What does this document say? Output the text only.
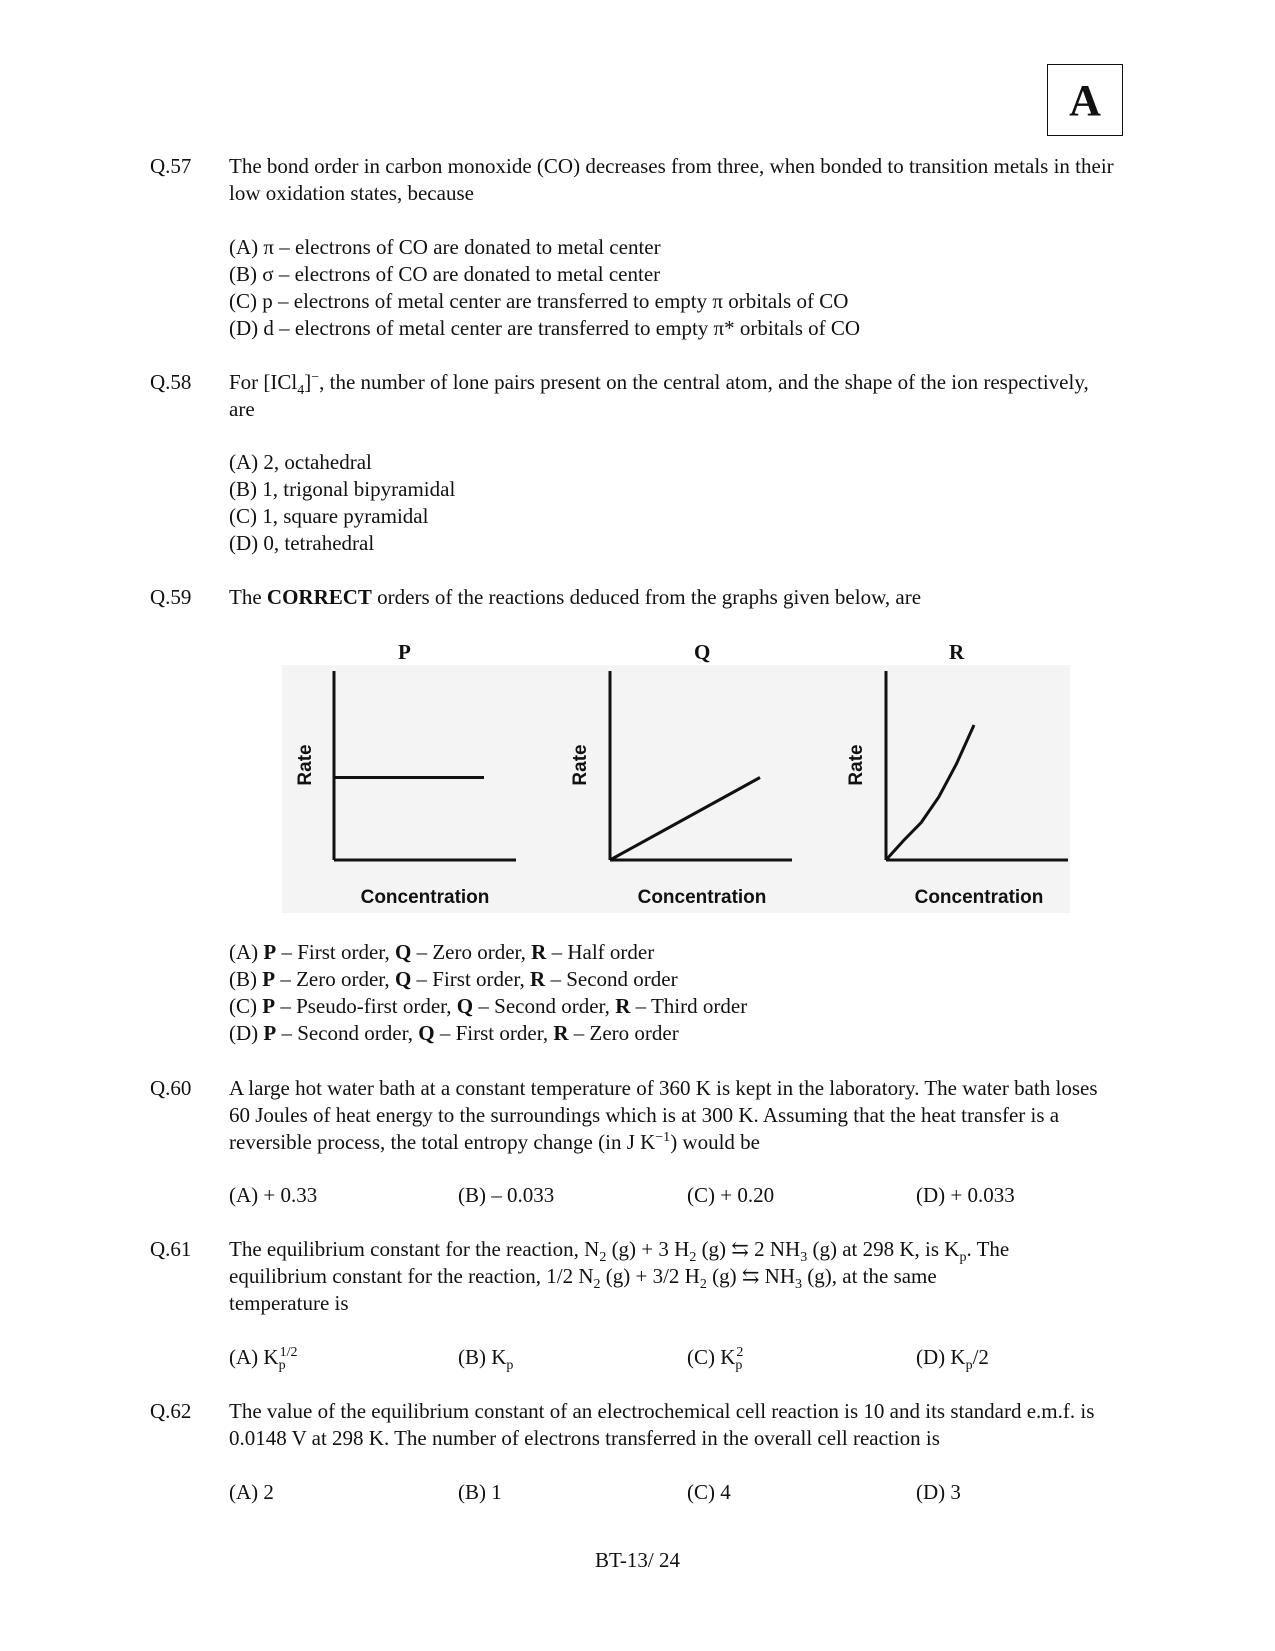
A
Q.57 The bond order in carbon monoxide (CO) decreases from three, when bonded to transition metals in their low oxidation states, because
(A) π – electrons of CO are donated to metal center
(B) σ – electrons of CO are donated to metal center
(C) p – electrons of metal center are transferred to empty π orbitals of CO
(D) d – electrons of metal center are transferred to empty π* orbitals of CO
Q.58 For [ICl$_4$]−, the number of lone pairs present on the central atom, and the shape of the ion respectively, are
(A) 2, octahedral
(B) 1, trigonal bipyramidal
(C) 1, square pyramidal
(D) 0, tetrahedral
Q.59 The CORRECT orders of the reactions deduced from the graphs given below, are
P	Q	R
Rate
Concentration
Rate
Concentration
Rate
Concentration
(A) P – First order, Q – Zero order, R – Half order
(B) P – Zero order, Q – First order, R – Second order
(C) P – Pseudo-first order, Q – Second order, R – Third order
(D) P – Second order, Q – First order, R – Zero order
Q.60 A large hot water bath at a constant temperature of 360 K is kept in the laboratory. The water bath loses 60 Joules of heat energy to the surroundings which is at 300 K. Assuming that the heat transfer is a reversible process, the total entropy change (in J $K^{-1}$) would be
(A) + 0.33	(B) – 0.033	(C) + 0.20	(D) + 0.033
Q.61 The equilibrium constant for the reaction, $N_2$ (g) + 3 $H_2$ (g) ⇆ 2 $NH_3$ (g) at 298 K, is $K_p$. The
equilibrium constant for the reaction, 1/2 $N_2$ (g) + 3/2 $H_2$ (g) ⇆ $NH_3$ (g), at the same
temperature is
(A) $K_p^{1/2}$	(B) $K_p$	(C) $K_p^2$	(D) $K_p/2$
Q.62 The value of the equilibrium constant of an electrochemical cell reaction is 10 and its standard e.m.f. is 0.0148 V at 298 K. The number of electrons transferred in the overall cell reaction is
(A) 2	(B) 1	(C) 4	(D) 3
BT-13/ 24
